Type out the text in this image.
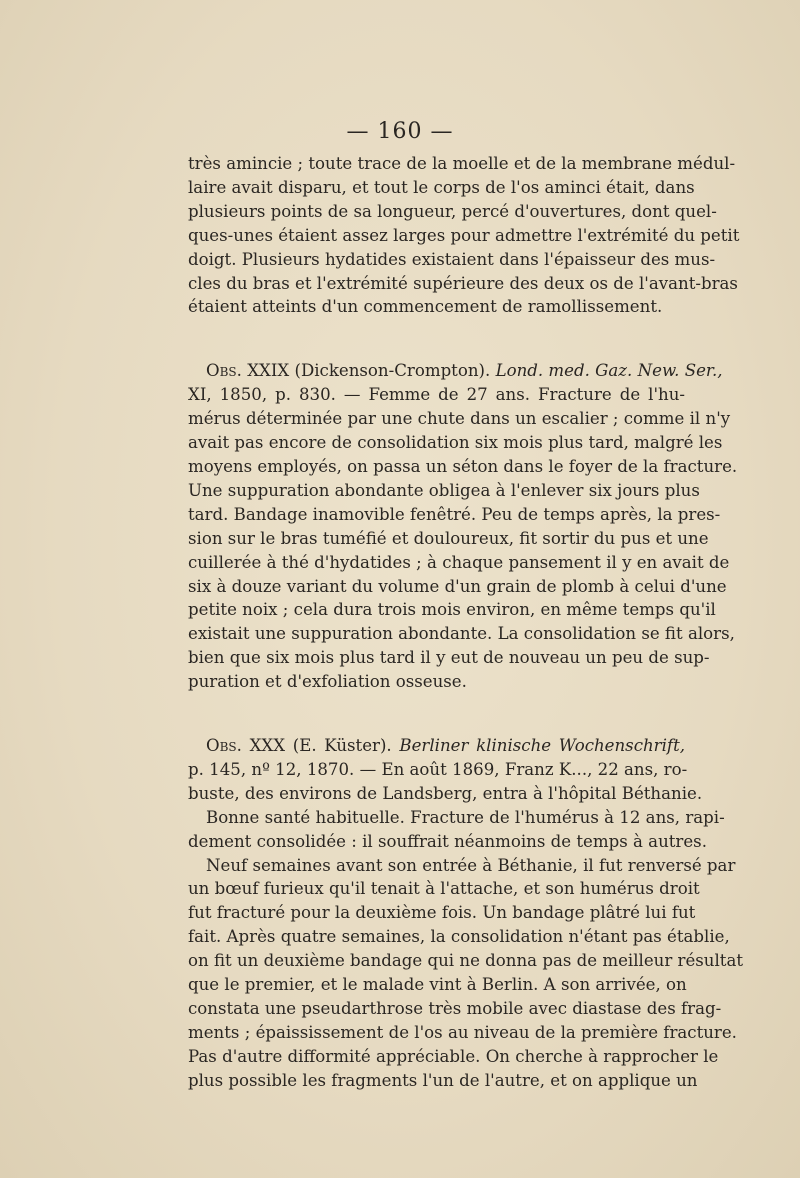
— 160 —
très amincie ; toute trace de la moelle et de la membrane médul-
laire avait disparu, et tout le corps de l'os aminci était, dans
plusieurs points de sa longueur, percé d'ouvertures, dont quel-
ques-unes étaient assez larges pour admettre l'extrémité du petit
doigt. Plusieurs hydatides existaient dans l'épaisseur des mus-
cles du bras et l'extrémité supérieure des deux os de l'avant-bras
étaient atteints d'un commencement de ramollissement.
Obs. XXIX (Dickenson-Crompton). Lond. med. Gaz. New. Ser.,
XI, 1850, p. 830. — Femme de 27 ans. Fracture de l'hu-
mérus déterminée par une chute dans un escalier ; comme il n'y
avait pas encore de consolidation six mois plus tard, malgré les
moyens employés, on passa un séton dans le foyer de la fracture.
Une suppuration abondante obligea à l'enlever six jours plus
tard. Bandage inamovible fenêtré. Peu de temps après, la pres-
sion sur le bras tuméfié et douloureux, fit sortir du pus et une
cuillerée à thé d'hydatides ; à chaque pansement il y en avait de
six à douze variant du volume d'un grain de plomb à celui d'une
petite noix ; cela dura trois mois environ, en même temps qu'il
existait une suppuration abondante. La consolidation se fit alors,
bien que six mois plus tard il y eut de nouveau un peu de sup-
puration et d'exfoliation osseuse.
Obs. XXX (E. Küster). Berliner klinische Wochenschrift,
p. 145, nº 12, 1870. — En août 1869, Franz K..., 22 ans, ro-
buste, des environs de Landsberg, entra à l'hôpital Béthanie.
Bonne santé habituelle. Fracture de l'humérus à 12 ans, rapi-
dement consolidée : il souffrait néanmoins de temps à autres.
Neuf semaines avant son entrée à Béthanie, il fut renversé par
un bœuf furieux qu'il tenait à l'attache, et son humérus droit
fut fracturé pour la deuxième fois. Un bandage plâtré lui fut
fait. Après quatre semaines, la consolidation n'étant pas établie,
on fit un deuxième bandage qui ne donna pas de meilleur résultat
que le premier, et le malade vint à Berlin. A son arrivée, on
constata une pseudarthrose très mobile avec diastase des frag-
ments ; épaississement de l'os au niveau de la première fracture.
Pas d'autre difformité appréciable. On cherche à rapprocher le
plus possible les fragments l'un de l'autre, et on applique un
